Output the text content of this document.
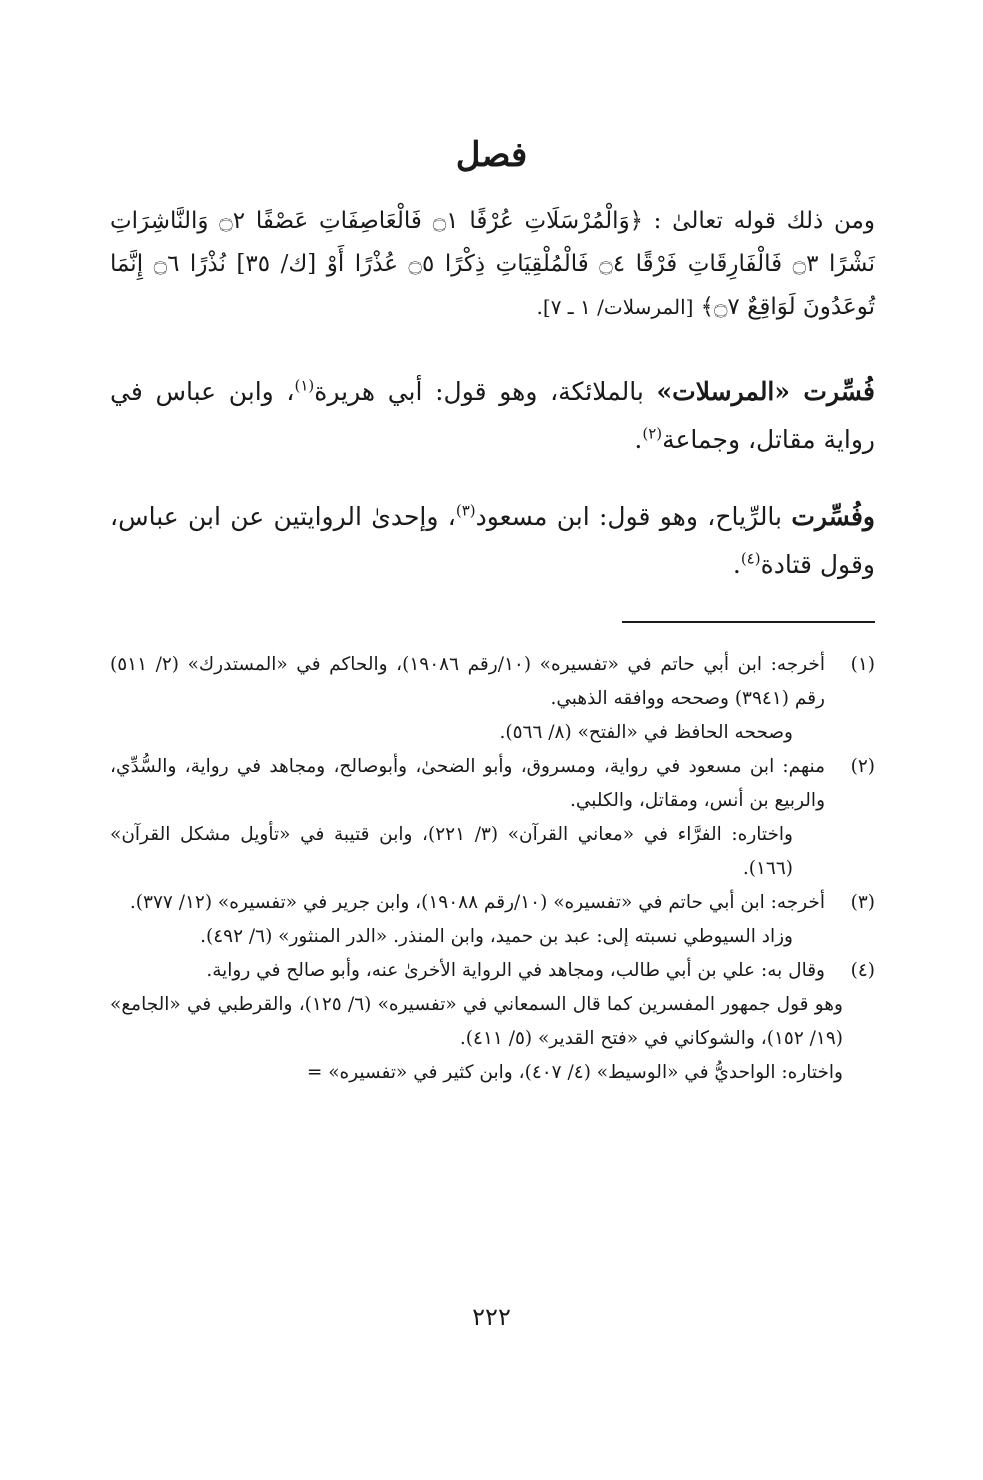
فصل
ومن ذلك قوله تعالىٰ : ﴿وَالْمُرْسَلَاتِ عُرْفًا ۝١ فَالْعَاصِفَاتِ عَصْفًا ۝٢ وَالنَّاشِرَاتِ نَشْرًا ۝٣ فَالْفَارِقَاتِ فَرْقًا ۝٤ فَالْمُلْقِيَاتِ ذِكْرًا ۝٥ عُذْرًا أَوْ [ك/ ٣٥] نُذْرًا ۝٦ إِنَّمَا تُوعَدُونَ لَوَاقِعٌ ۝٧﴾ [المرسلات/ ١ ـ ٧].
فُسِّرت «المرسلات» بالملائكة، وهو قول: أبي هريرة$^{(١)}$، وابن عباس في رواية مقاتل، وجماعة$^{(٢)}$.
وفُسِّرت بالرِّياح، وهو قول: ابن مسعود$^{(٣)}$، وإحدىٰ الروايتين عن ابن عباس، وقول قتادة$^{(٤)}$.
(١)
أخرجه: ابن أبي حاتم في «تفسيره» (١٠/رقم ١٩٠٨٦)، والحاكم في «المستدرك» (٢/ ٥١١) رقم (٣٩٤١) وصححه ووافقه الذهبي.
وصححه الحافظ في «الفتح» (٨/ ٥٦٦).
(٢)
منهم: ابن مسعود في رواية، ومسروق، وأبو الضحىٰ، وأبوصالح، ومجاهد في رواية، والسُّدِّي، والربيع بن أنس، ومقاتل، والكلبي.
واختاره: الفرَّاء في «معاني القرآن» (٣/ ٢٢١)، وابن قتيبة في «تأويل مشكل القرآن» (١٦٦).
(٣)
أخرجه: ابن أبي حاتم في «تفسيره» (١٠/رقم ١٩٠٨٨)، وابن جرير في «تفسيره» (١٢/ ٣٧٧).
وزاد السيوطي نسبته إلى: عبد بن حميد، وابن المنذر. «الدر المنثور» (٦/ ٤٩٢).
(٤)
وقال به: علي بن أبي طالب، ومجاهد في الرواية الأخرىٰ عنه، وأبو صالح في رواية.
وهو قول جمهور المفسرين كما قال السمعاني في «تفسيره» (٦/ ١٢٥)، والقرطبي في «الجامع» (١٩/ ١٥٢)، والشوكاني في «فتح القدير» (٥/ ٤١١).
واختاره: الواحديُّ في «الوسيط» (٤/ ٤٠٧)، وابن كثير في «تفسيره» =
٢٢٢
